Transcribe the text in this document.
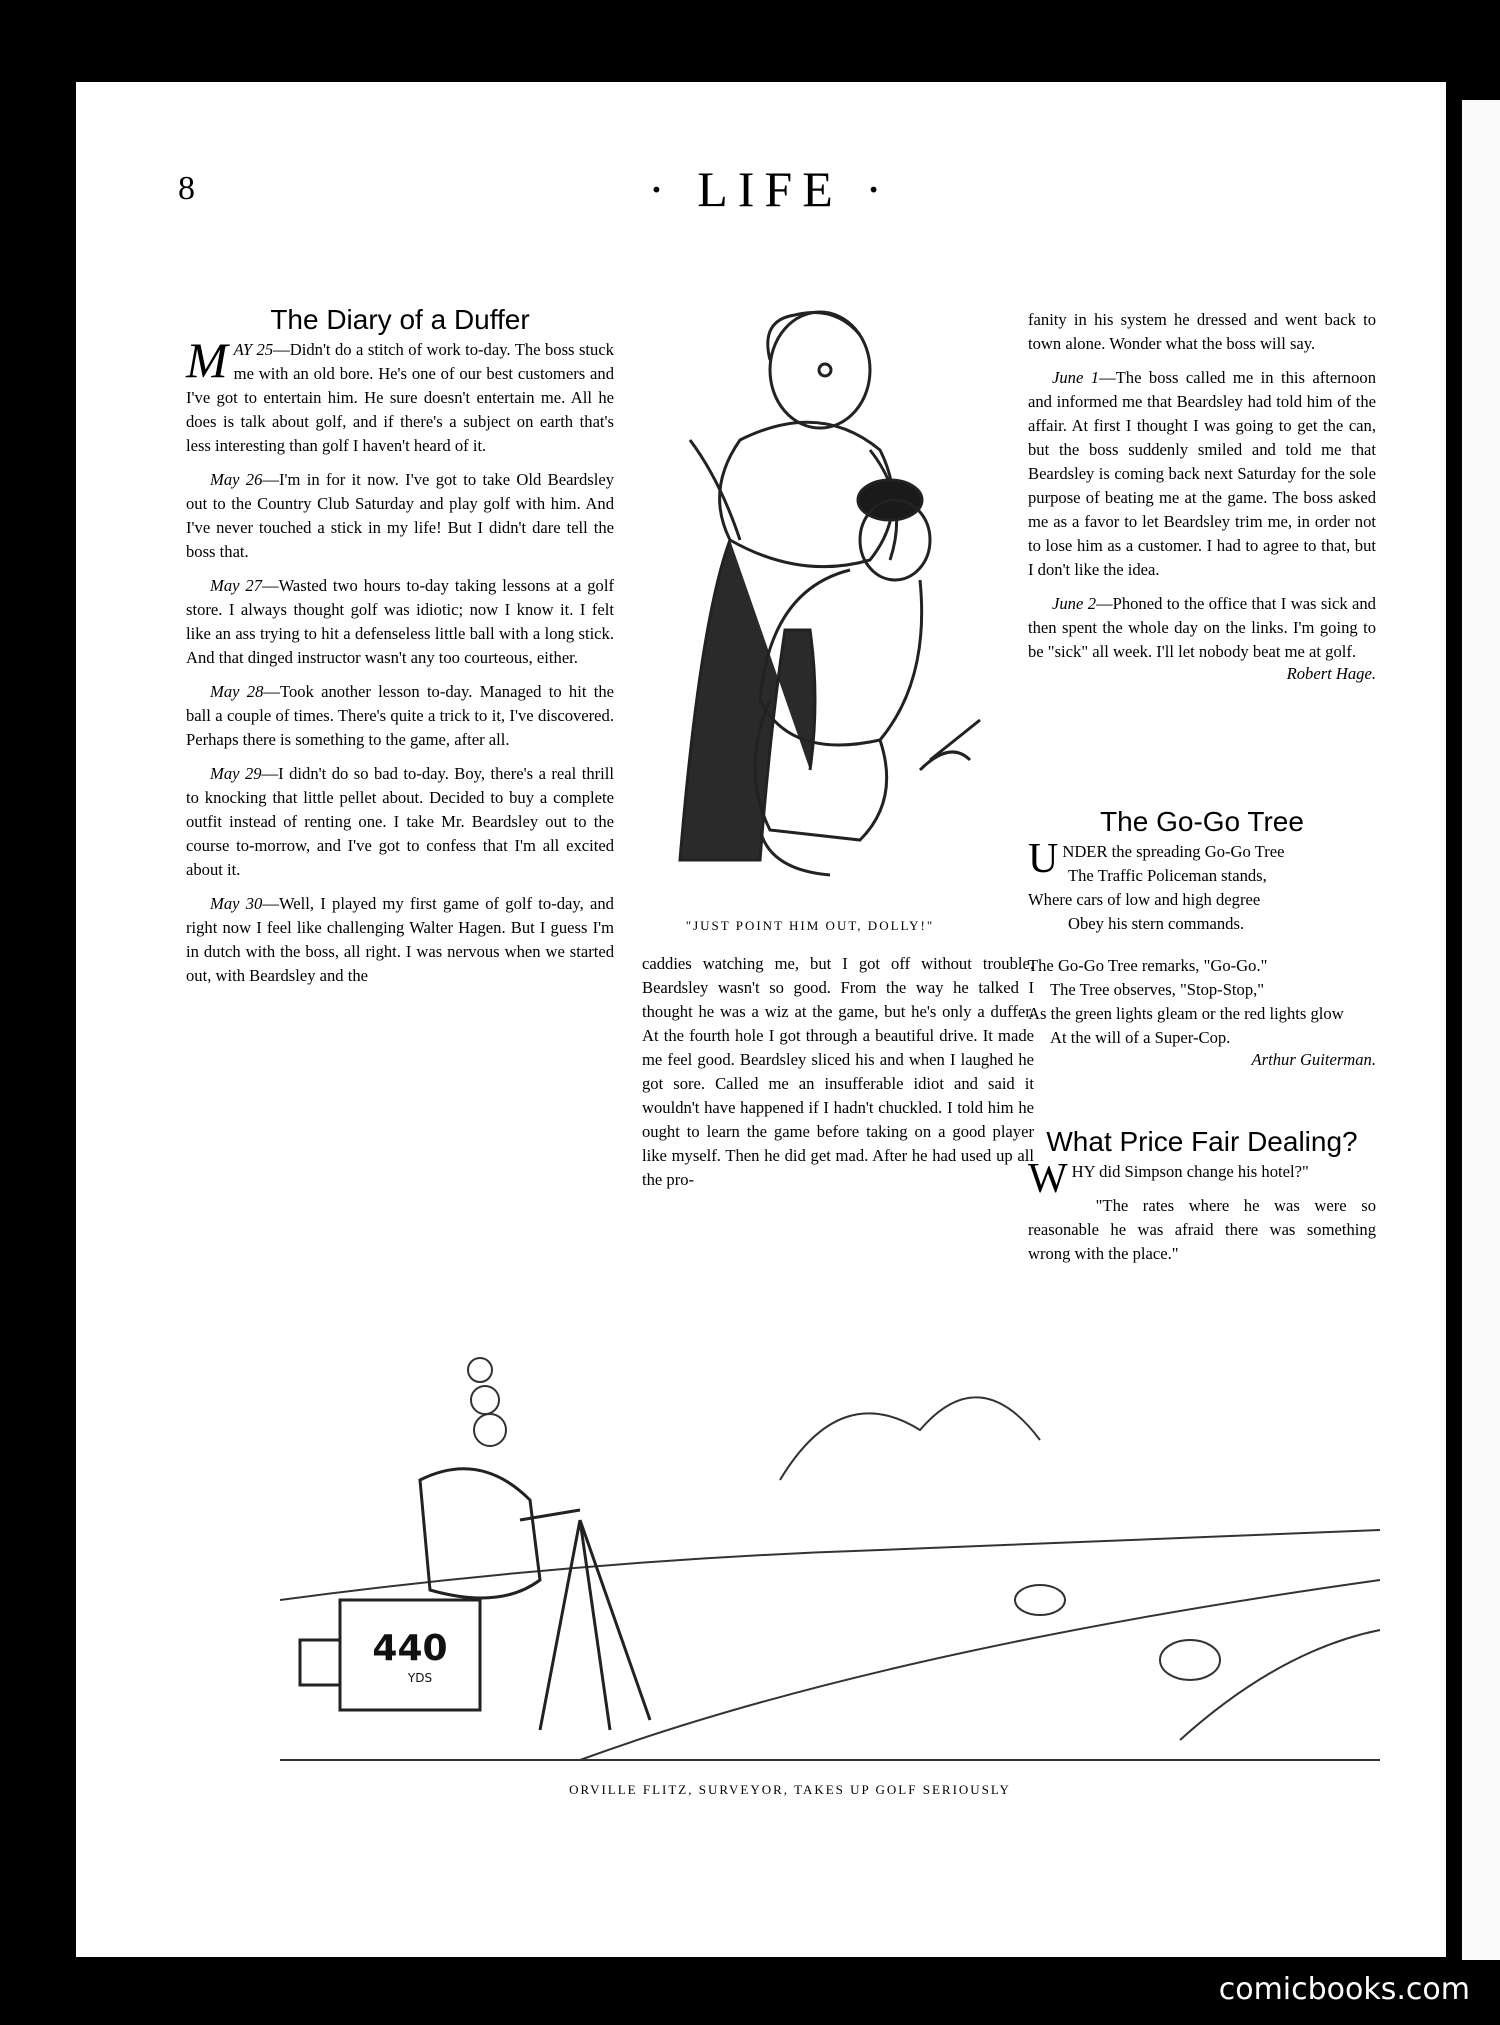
8	· LIFE ·
The Diary of a Duffer

MAY 25—Didn't do a stitch of work to-day. The boss stuck me with an old bore. He's one of our best customers and I've got to entertain him. He sure doesn't entertain me. All he does is talk about golf, and if there's a subject on earth that's less interesting than golf I haven't heard of it.

May 26—I'm in for it now. I've got to take Old Beardsley out to the Country Club Saturday and play golf with him. And I've never touched a stick in my life! But I didn't dare tell the boss that.

May 27—Wasted two hours to-day taking lessons at a golf store. I always thought golf was idiotic; now I know it. I felt like an ass trying to hit a defenseless little ball with a long stick. And that dinged instructor wasn't any too courteous, either.

May 28—Took another lesson to-day. Managed to hit the ball a couple of times. There's quite a trick to it, I've discovered. Perhaps there is something to the game, after all.

May 29—I didn't do so bad to-day. Boy, there's a real thrill to knocking that little pellet about. Decided to buy a complete outfit instead of renting one. I take Mr. Beardsley out to the course to-morrow, and I've got to confess that I'm all excited about it.

May 30—Well, I played my first game of golf to-day, and right now I feel like challenging Walter Hagen. But I guess I'm in dutch with the boss, all right. I was nervous when we started out, with Beardsley and the

"JUST POINT HIM OUT, DOLLY!"

caddies watching me, but I got off without trouble. Beardsley wasn't so good. From the way he talked I thought he was a wiz at the game, but he's only a duffer. At the fourth hole I got through a beautiful drive. It made me feel good. Beardsley sliced his and when I laughed he got sore. Called me an insufferable idiot and said it wouldn't have happened if I hadn't chuckled. I told him he ought to learn the game before taking on a good player like myself. Then he did get mad. After he had used up all the pro-

fanity in his system he dressed and went back to town alone. Wonder what the boss will say.

June 1—The boss called me in this afternoon and informed me that Beardsley had told him of the affair. At first I thought I was going to get the can, but the boss suddenly smiled and told me that Beardsley is coming back next Saturday for the sole purpose of beating me at the game. The boss asked me as a favor to let Beardsley trim me, in order not to lose him as a customer. I had to agree to that, but I don't like the idea.

June 2—Phoned to the office that I was sick and then spent the whole day on the links. I'm going to be "sick" all week. I'll let nobody beat me at golf.
Robert Hage.

The Go-Go Tree
UNDER the spreading Go-Go Tree
The Traffic Policeman stands,
Where cars of low and high degree
Obey his stern commands.
The Go-Go Tree remarks, "Go-Go."
The Tree observes, "Stop-Stop,"
As the green lights gleam or the red lights glow
At the will of a Super-Cop.
Arthur Guiterman.
What Price Fair Dealing?

WHY did Simpson change his hotel?"

"The rates where he was were so reasonable he was afraid there was something wrong with the place."

440
YDS
ORVILLE FLITZ, SURVEYOR, TAKES UP GOLF SERIOUSLY
comicbooks.com
